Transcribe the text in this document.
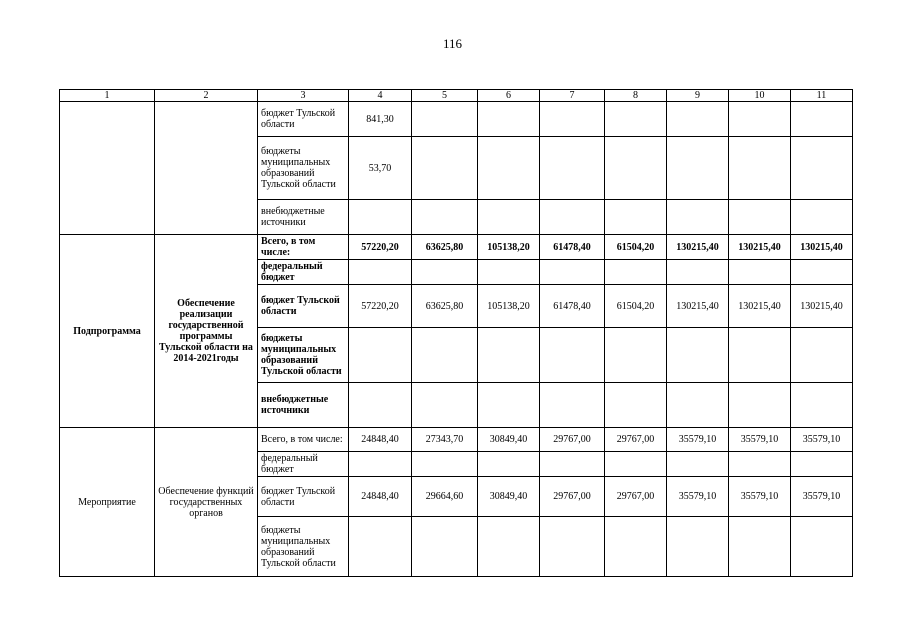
116
1	2	3	4	5	6	7	8	9	10	11
		бюджет Тульской области	841,30							
		бюджеты муниципальных образований Тульской области	53,70							
		внебюджетные источники								
Подпрограмма	Обеспечение реализации государственной программы Тульской области на 2014-2021годы	Всего, в том числе:	57220,20	63625,80	105138,20	61478,40	61504,20	130215,40	130215,40	130215,40
		федеральный бюджет								
		бюджет Тульской области	57220,20	63625,80	105138,20	61478,40	61504,20	130215,40	130215,40	130215,40
		бюджеты муниципальных образований Тульской области								
		внебюджетные источники								
Мероприятие	Обеспечение функций государственных органов	Всего, в том числе:	24848,40	27343,70	30849,40	29767,00	29767,00	35579,10	35579,10	35579,10
		федеральный бюджет								
		бюджет Тульской области	24848,40	29664,60	30849,40	29767,00	29767,00	35579,10	35579,10	35579,10
		бюджеты муниципальных образований Тульской области								
